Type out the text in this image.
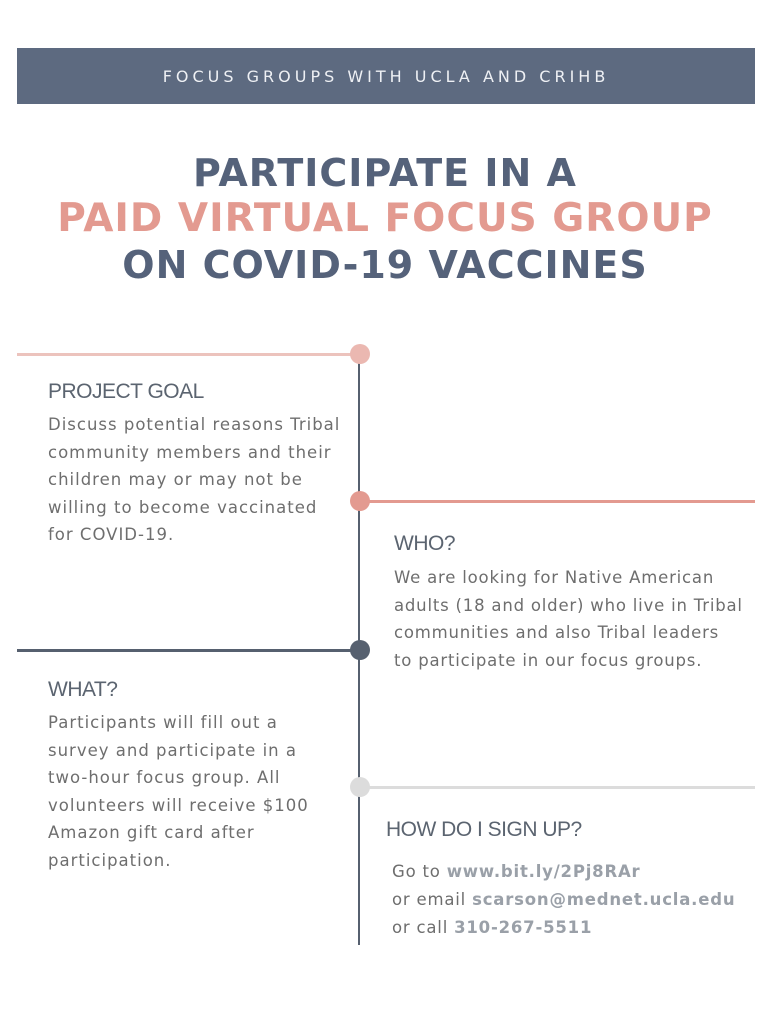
FOCUS GROUPS WITH UCLA AND CRIHB
PARTICIPATE IN A
PAID VIRTUAL FOCUS GROUP
ON COVID-19 VACCINES
PROJECT GOAL
Discuss potential reasons Tribal
community members and their
children may or may not be
willing to become vaccinated
for COVID-19.	WHO?
We are looking for Native American
adults (18 and older) who live in Tribal
communities and also Tribal leaders
to participate in our focus groups.
WHAT?
Participants will fill out a
survey and participate in a
two-hour focus group. All
volunteers will receive $100
Amazon gift card after
participation.
HOW DO I SIGN UP?
Go to www.bit.ly/2Pj8RAr
or email scarson@mednet.ucla.edu
or call 310-267-5511
